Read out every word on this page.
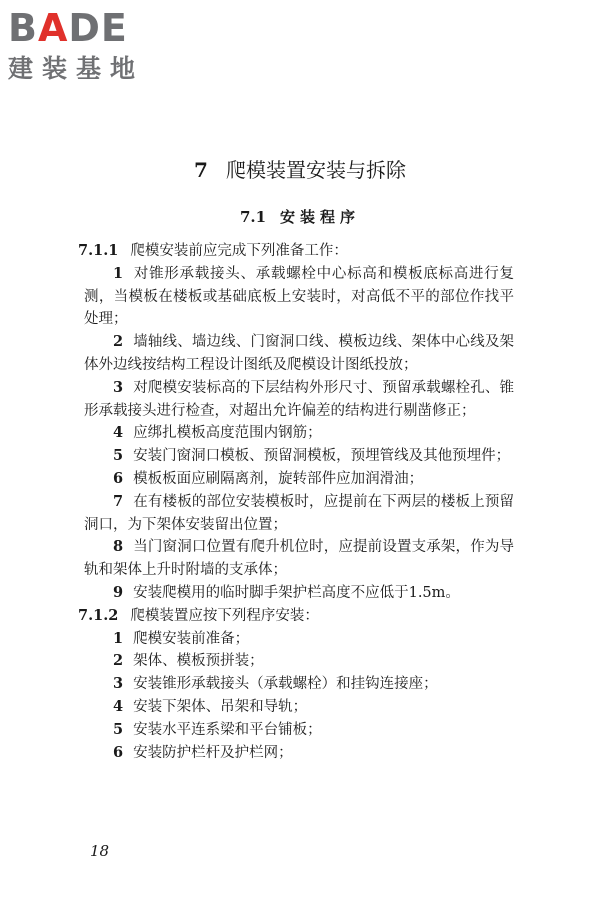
BADE
建装基地
7 爬模装置安装与拆除
7.1 安装程序

7.1.1 爬模安装前应完成下列准备工作：

1 对锥形承载接头、承载螺栓中心标高和模板底标高进行复测，当模板在楼板或基础底板上安装时，对高低不平的部位作找平处理；

2 墙轴线、墙边线、门窗洞口线、模板边线、架体中心线及架体外边线按结构工程设计图纸及爬模设计图纸投放；

3 对爬模安装标高的下层结构外形尺寸、预留承载螺栓孔、锥形承载接头进行检查，对超出允许偏差的结构进行剔凿修正；

4 应绑扎模板高度范围内钢筋；

5 安装门窗洞口模板、预留洞模板，预埋管线及其他预埋件；

6 模板板面应刷隔离剂，旋转部件应加润滑油；

7 在有楼板的部位安装模板时，应提前在下两层的楼板上预留洞口，为下架体安装留出位置；

8 当门窗洞口位置有爬升机位时，应提前设置支承架，作为导轨和架体上升时附墙的支承体；

9 安装爬模用的临时脚手架护栏高度不应低于1.5m。

7.1.2 爬模装置应按下列程序安装：

1 爬模安装前准备；

2 架体、模板预拼装；

3 安装锥形承载接头（承载螺栓）和挂钩连接座；

4 安装下架体、吊架和导轨；

5 安装水平连系梁和平台铺板；

6 安装防护栏杆及护栏网；

18
